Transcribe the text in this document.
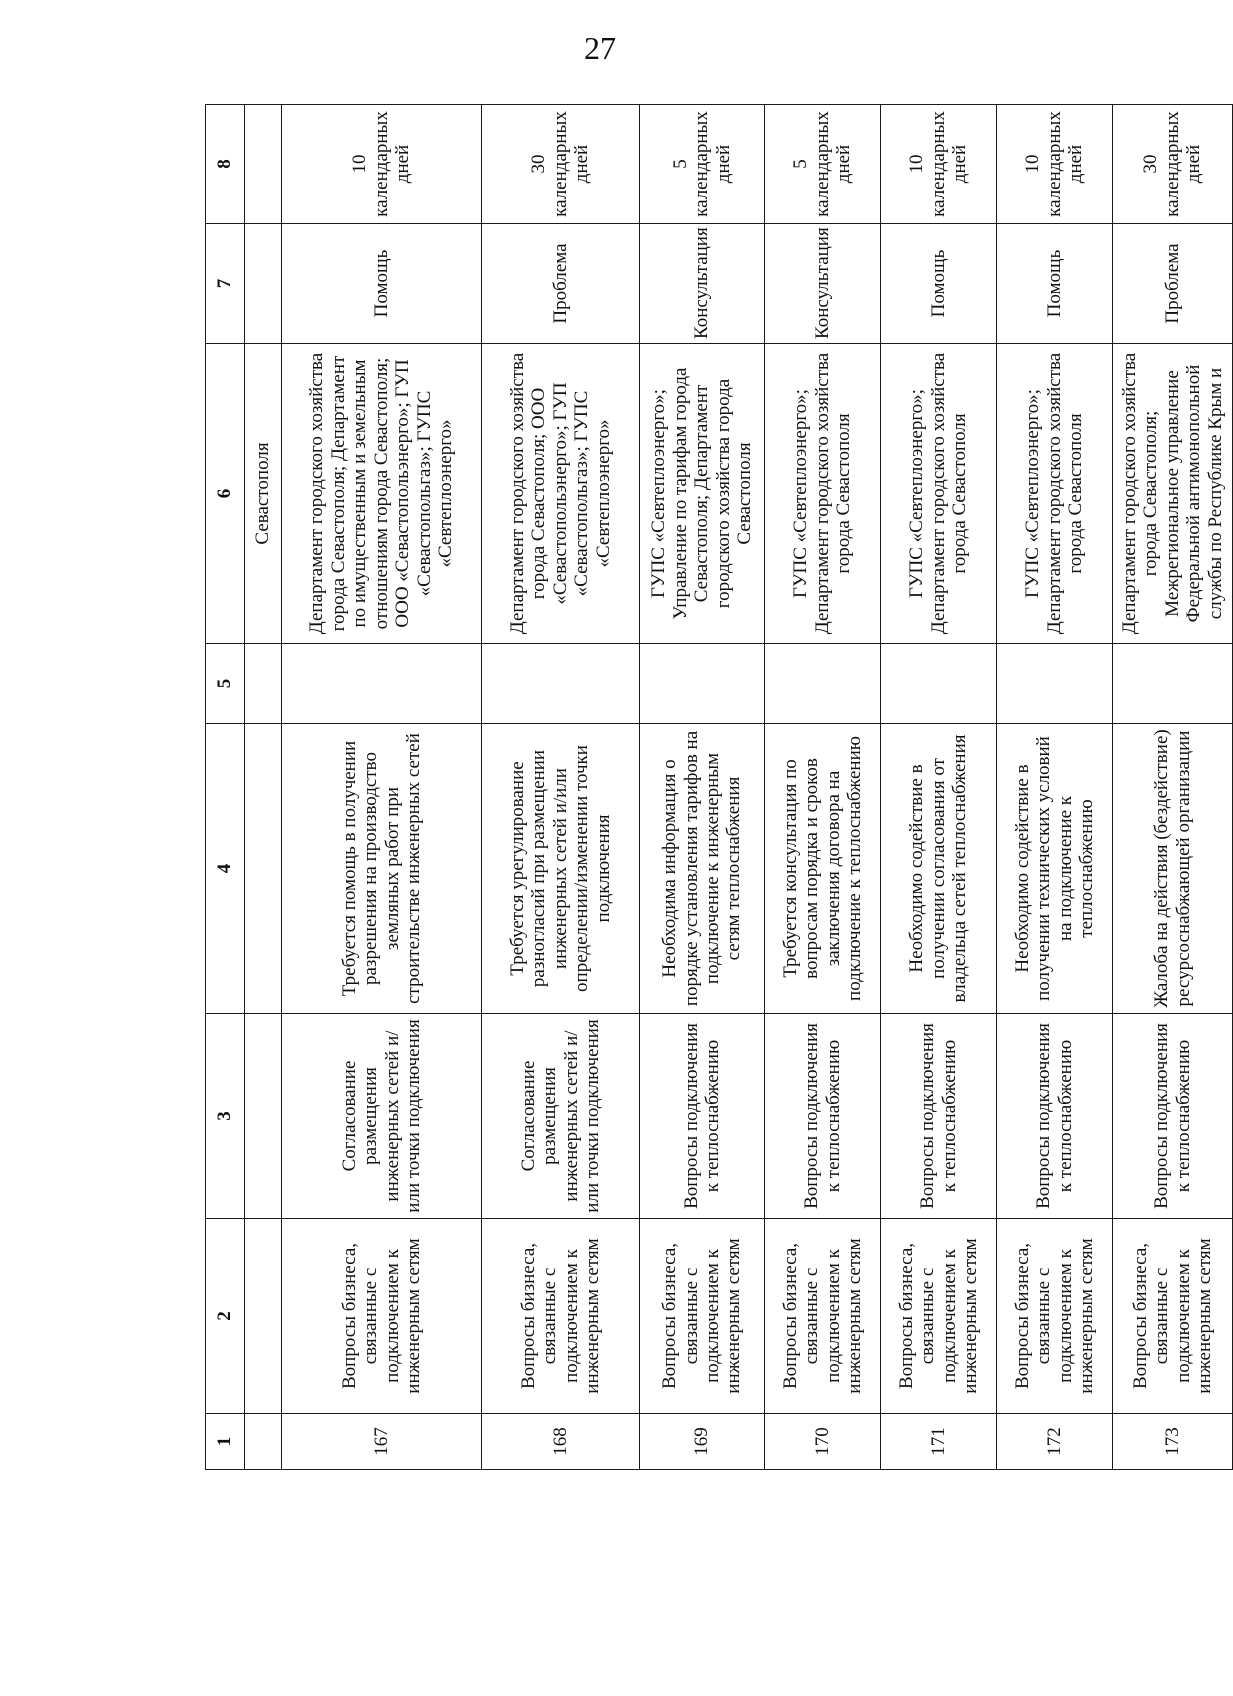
27
1	2	3	4	5	6	7	8
					Севастополя		
167	Вопросы бизнеса, связанные с подключением к инженерным сетям	Согласование размещения инженерных сетей и/или точки подключения	Требуется помощь в получении разрешения на производство земляных работ при строительстве инженерных сетей		Департамент городского хозяйства города Севастополя; Департамент по имущественным и земельным отношениям города Севастополя; ООО «Севастопольэнерго»; ГУП «Севастопольгаз»; ГУПС «Севтеплоэнерго»	Помощь	10 календарных дней
168	Вопросы бизнеса, связанные с подключением к инженерным сетям	Согласование размещения инженерных сетей и/или точки подключения	Требуется урегулирование разногласий при размещении инженерных сетей и/или определении/изменении точки подключения		Департамент городского хозяйства города Севастополя; ООО «Севастопольэнерго»; ГУП «Севастопольгаз»; ГУПС «Севтеплоэнерго»	Проблема	30 календарных дней
169	Вопросы бизнеса, связанные с подключением к инженерным сетям	Вопросы подключения к теплоснабжению	Необходима информация о порядке установления тарифов на подключение к инженерным сетям теплоснабжения		ГУПС «Севтеплоэнерго»; Управление по тарифам города Севастополя; Департамент городского хозяйства города Севастополя	Консультация	5 календарных дней
170	Вопросы бизнеса, связанные с подключением к инженерным сетям	Вопросы подключения к теплоснабжению	Требуется консультация по вопросам порядка и сроков заключения договора на подключение к теплоснабжению		ГУПС «Севтеплоэнерго»; Департамент городского хозяйства города Севастополя	Консультация	5 календарных дней
171	Вопросы бизнеса, связанные с подключением к инженерным сетям	Вопросы подключения к теплоснабжению	Необходимо содействие в получении согласования от владельца сетей теплоснабжения		ГУПС «Севтеплоэнерго»; Департамент городского хозяйства города Севастополя	Помощь	10 календарных дней
172	Вопросы бизнеса, связанные с подключением к инженерным сетям	Вопросы подключения к теплоснабжению	Необходимо содействие в получении технических условий на подключение к теплоснабжению		ГУПС «Севтеплоэнерго»; Департамент городского хозяйства города Севастополя	Помощь	10 календарных дней
173	Вопросы бизнеса, связанные с подключением к инженерным сетям	Вопросы подключения к теплоснабжению	Жалоба на действия (бездействие) ресурсоснабжающей организации		Департамент городского хозяйства города Севастополя; Межрегиональное управление Федеральной антимонопольной службы по Республике Крым и	Проблема	30 календарных дней
